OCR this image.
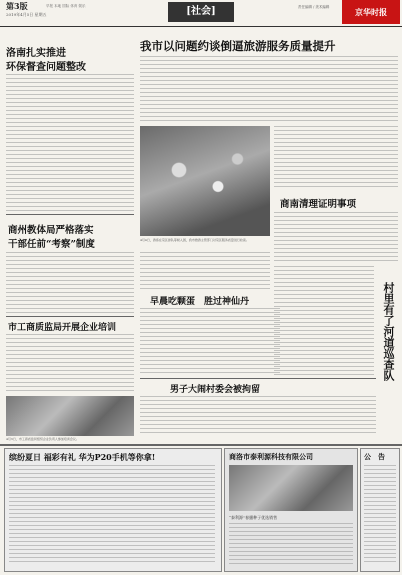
第3版
2019年4月5日 星期五
早报 本地 国际 体育 娱乐	[社会]	责任编辑 / 美术编辑	京华时报
洛南扎实推进
环保督查问题整改
商州教体局严格落实
干部任前“考察”制度
市工商质监局开展企业培训
4月3日，市工商质监局组织企业负责人参加培训会议。
我市以问题约谈倒逼旅游服务质量提升
4月4日，游客在景区排队等候入园，我市旅游主管部门对景区服务质量进行检查。
商南清理证明事项
早晨吃颗蛋　胜过神仙丹	村里有了河道巡查队
男子大闹村委会被拘留
缤纷夏日 福彩有礼 华为P20手机等你拿!	商洛市泰利源科技有限公司
“泰利源”春播种子优选销售
公　告
